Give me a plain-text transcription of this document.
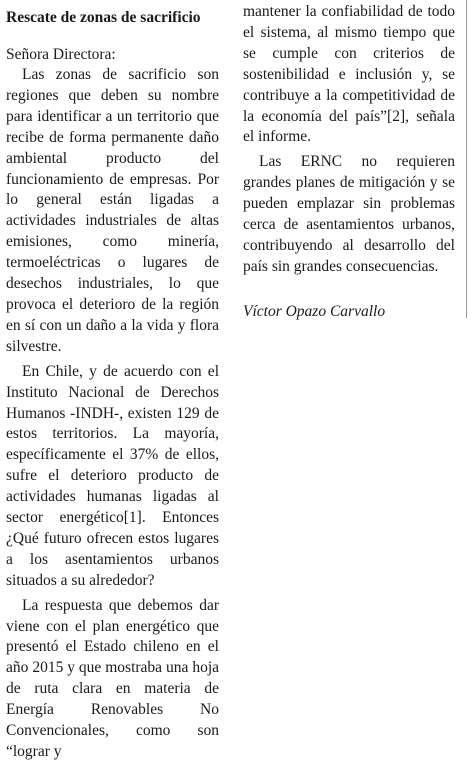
Rescate de zonas de sacrificio

Señora Directora:

Las zonas de sacrificio son regiones que deben su nombre para identificar a un territorio que recibe de forma permanente daño ambiental producto del funcionamiento de empresas. Por lo general están ligadas a actividades industriales de altas emisiones, como minería, termoeléctricas o lugares de desechos industriales, lo que provoca el deterioro de la región en sí con un daño a la vida y flora silvestre.

En Chile, y de acuerdo con el Instituto Nacional de Derechos Humanos -INDH-, existen 129 de estos territorios. La mayoría, específicamente el 37% de ellos, sufre el deterioro producto de actividades humanas ligadas al sector energético[1]. Entonces ¿Qué futuro ofrecen estos lugares a los asentamientos urbanos situados a su alrededor?

La respuesta que debemos dar viene con el plan energético que presentó el Estado chileno en el año 2015 y que mostraba una hoja de ruta clara en materia de Energía Renovables No Convencionales, como son “lograr y

mantener la confiabilidad de todo el sistema, al mismo tiempo que se cumple con criterios de sostenibilidad e inclusión y, se contribuye a la competitividad de la economía del país”[2], señala el informe.

Las ERNC no requieren grandes planes de mitigación y se pueden emplazar sin problemas cerca de asentamientos urbanos, contribuyendo al desarrollo del país sin grandes consecuencias.

Víctor Opazo Carvallo
